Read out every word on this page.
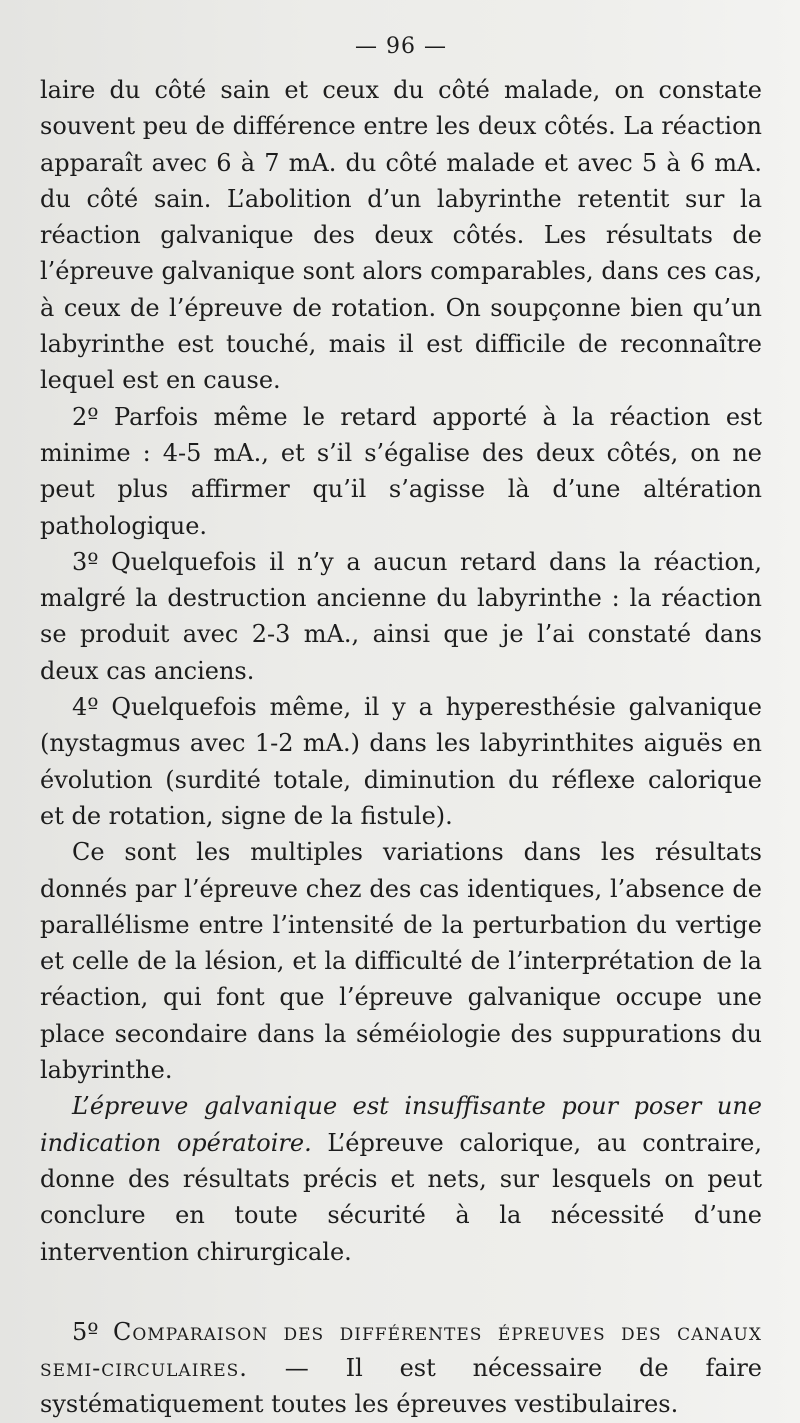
— 96 —

laire du côté sain et ceux du côté malade, on constate souvent peu de différence entre les deux côtés. La réaction apparaît avec 6 à 7 mA. du côté malade et avec 5 à 6 mA. du côté sain. L’abolition d’un labyrinthe retentit sur la réaction galvanique des deux côtés. Les résultats de l’épreuve galvanique sont alors comparables, dans ces cas, à ceux de l’épreuve de rotation. On soupçonne bien qu’un labyrinthe est touché, mais il est difficile de reconnaître lequel est en cause.

2º Parfois même le retard apporté à la réaction est minime : 4-5 mA., et s’il s’égalise des deux côtés, on ne peut plus affirmer qu’il s’agisse là d’une altération pathologique.

3º Quelquefois il n’y a aucun retard dans la réaction, malgré la destruction ancienne du labyrinthe : la réaction se produit avec 2-3 mA., ainsi que je l’ai constaté dans deux cas anciens.

4º Quelquefois même, il y a hyperesthésie galvanique (nystagmus avec 1-2 mA.) dans les labyrinthites aiguës en évolution (surdité totale, diminution du réflexe calorique et de rotation, signe de la fistule).

Ce sont les multiples variations dans les résultats donnés par l’épreuve chez des cas identiques, l’absence de parallélisme entre l’intensité de la perturbation du vertige et celle de la lésion, et la difficulté de l’interprétation de la réaction, qui font que l’épreuve galvanique occupe une place secondaire dans la séméiologie des suppurations du labyrinthe.

L’épreuve galvanique est insuffisante pour poser une indication opératoire. L’épreuve calorique, au contraire, donne des résultats précis et nets, sur lesquels on peut conclure en toute sécurité à la nécessité d’une intervention chirurgicale.

5º Comparaison des différentes épreuves des canaux semi-circulaires. — Il est nécessaire de faire systématiquement toutes les épreuves vestibulaires.
